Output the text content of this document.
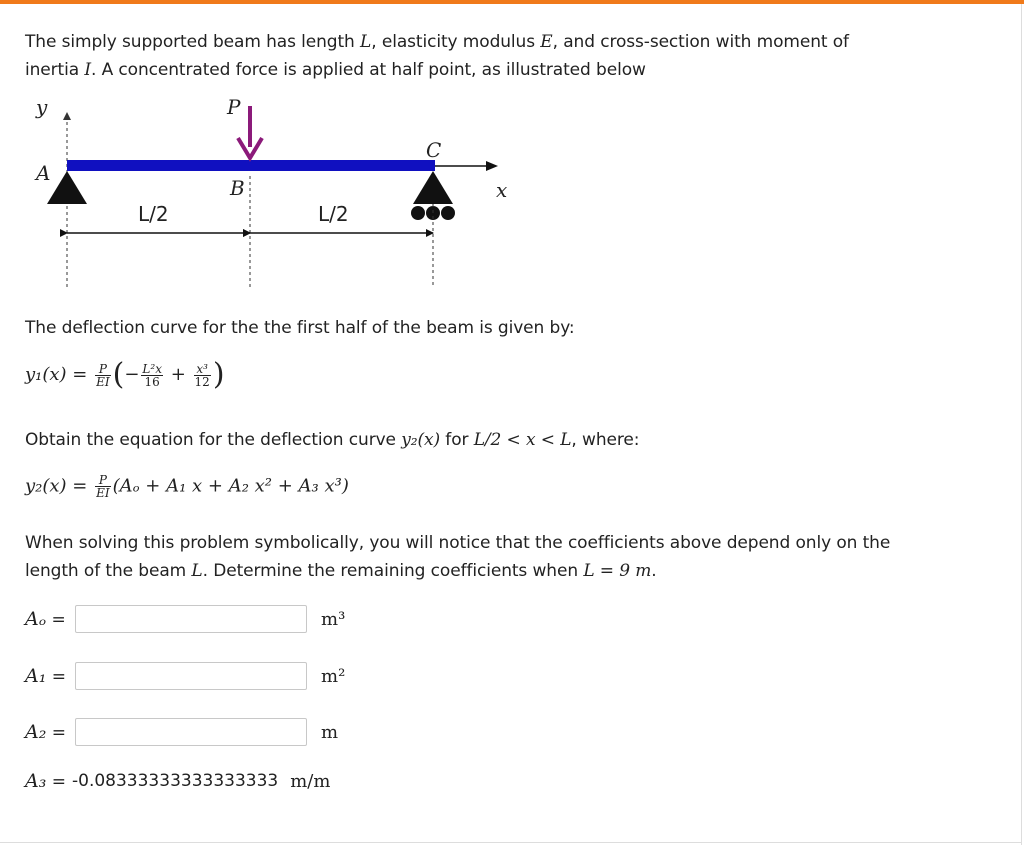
The simply supported beam has length L, elasticity modulus E, and cross-section with moment of
inertia I. A concentrated force is applied at half point, as illustrated below
y
x
A
C
B
P
L/2	L/2
The deflection curve for the the first half of the beam is given by:
$y_1(x) = \frac{P}{EI}$ (− $\frac{\text{L²x}}{16} + \frac{\text{x³}}{12}$ )
Obtain the equation for the deflection curve y₂(x) for L/2 < x < L, where:
$y_2(x) = \frac{P}{EI} (A_o + A_1$ x + A₂ x² + A₃ x³)
When solving this problem symbolically, you will notice that the coefficients above depend only on the
length of the beam L. Determine the remaining coefficients when L = 9 m.
Aₒ =	m³
A₁ =	m²
A₂ =	m
A₃ = -0.08333333333333333 m/m
